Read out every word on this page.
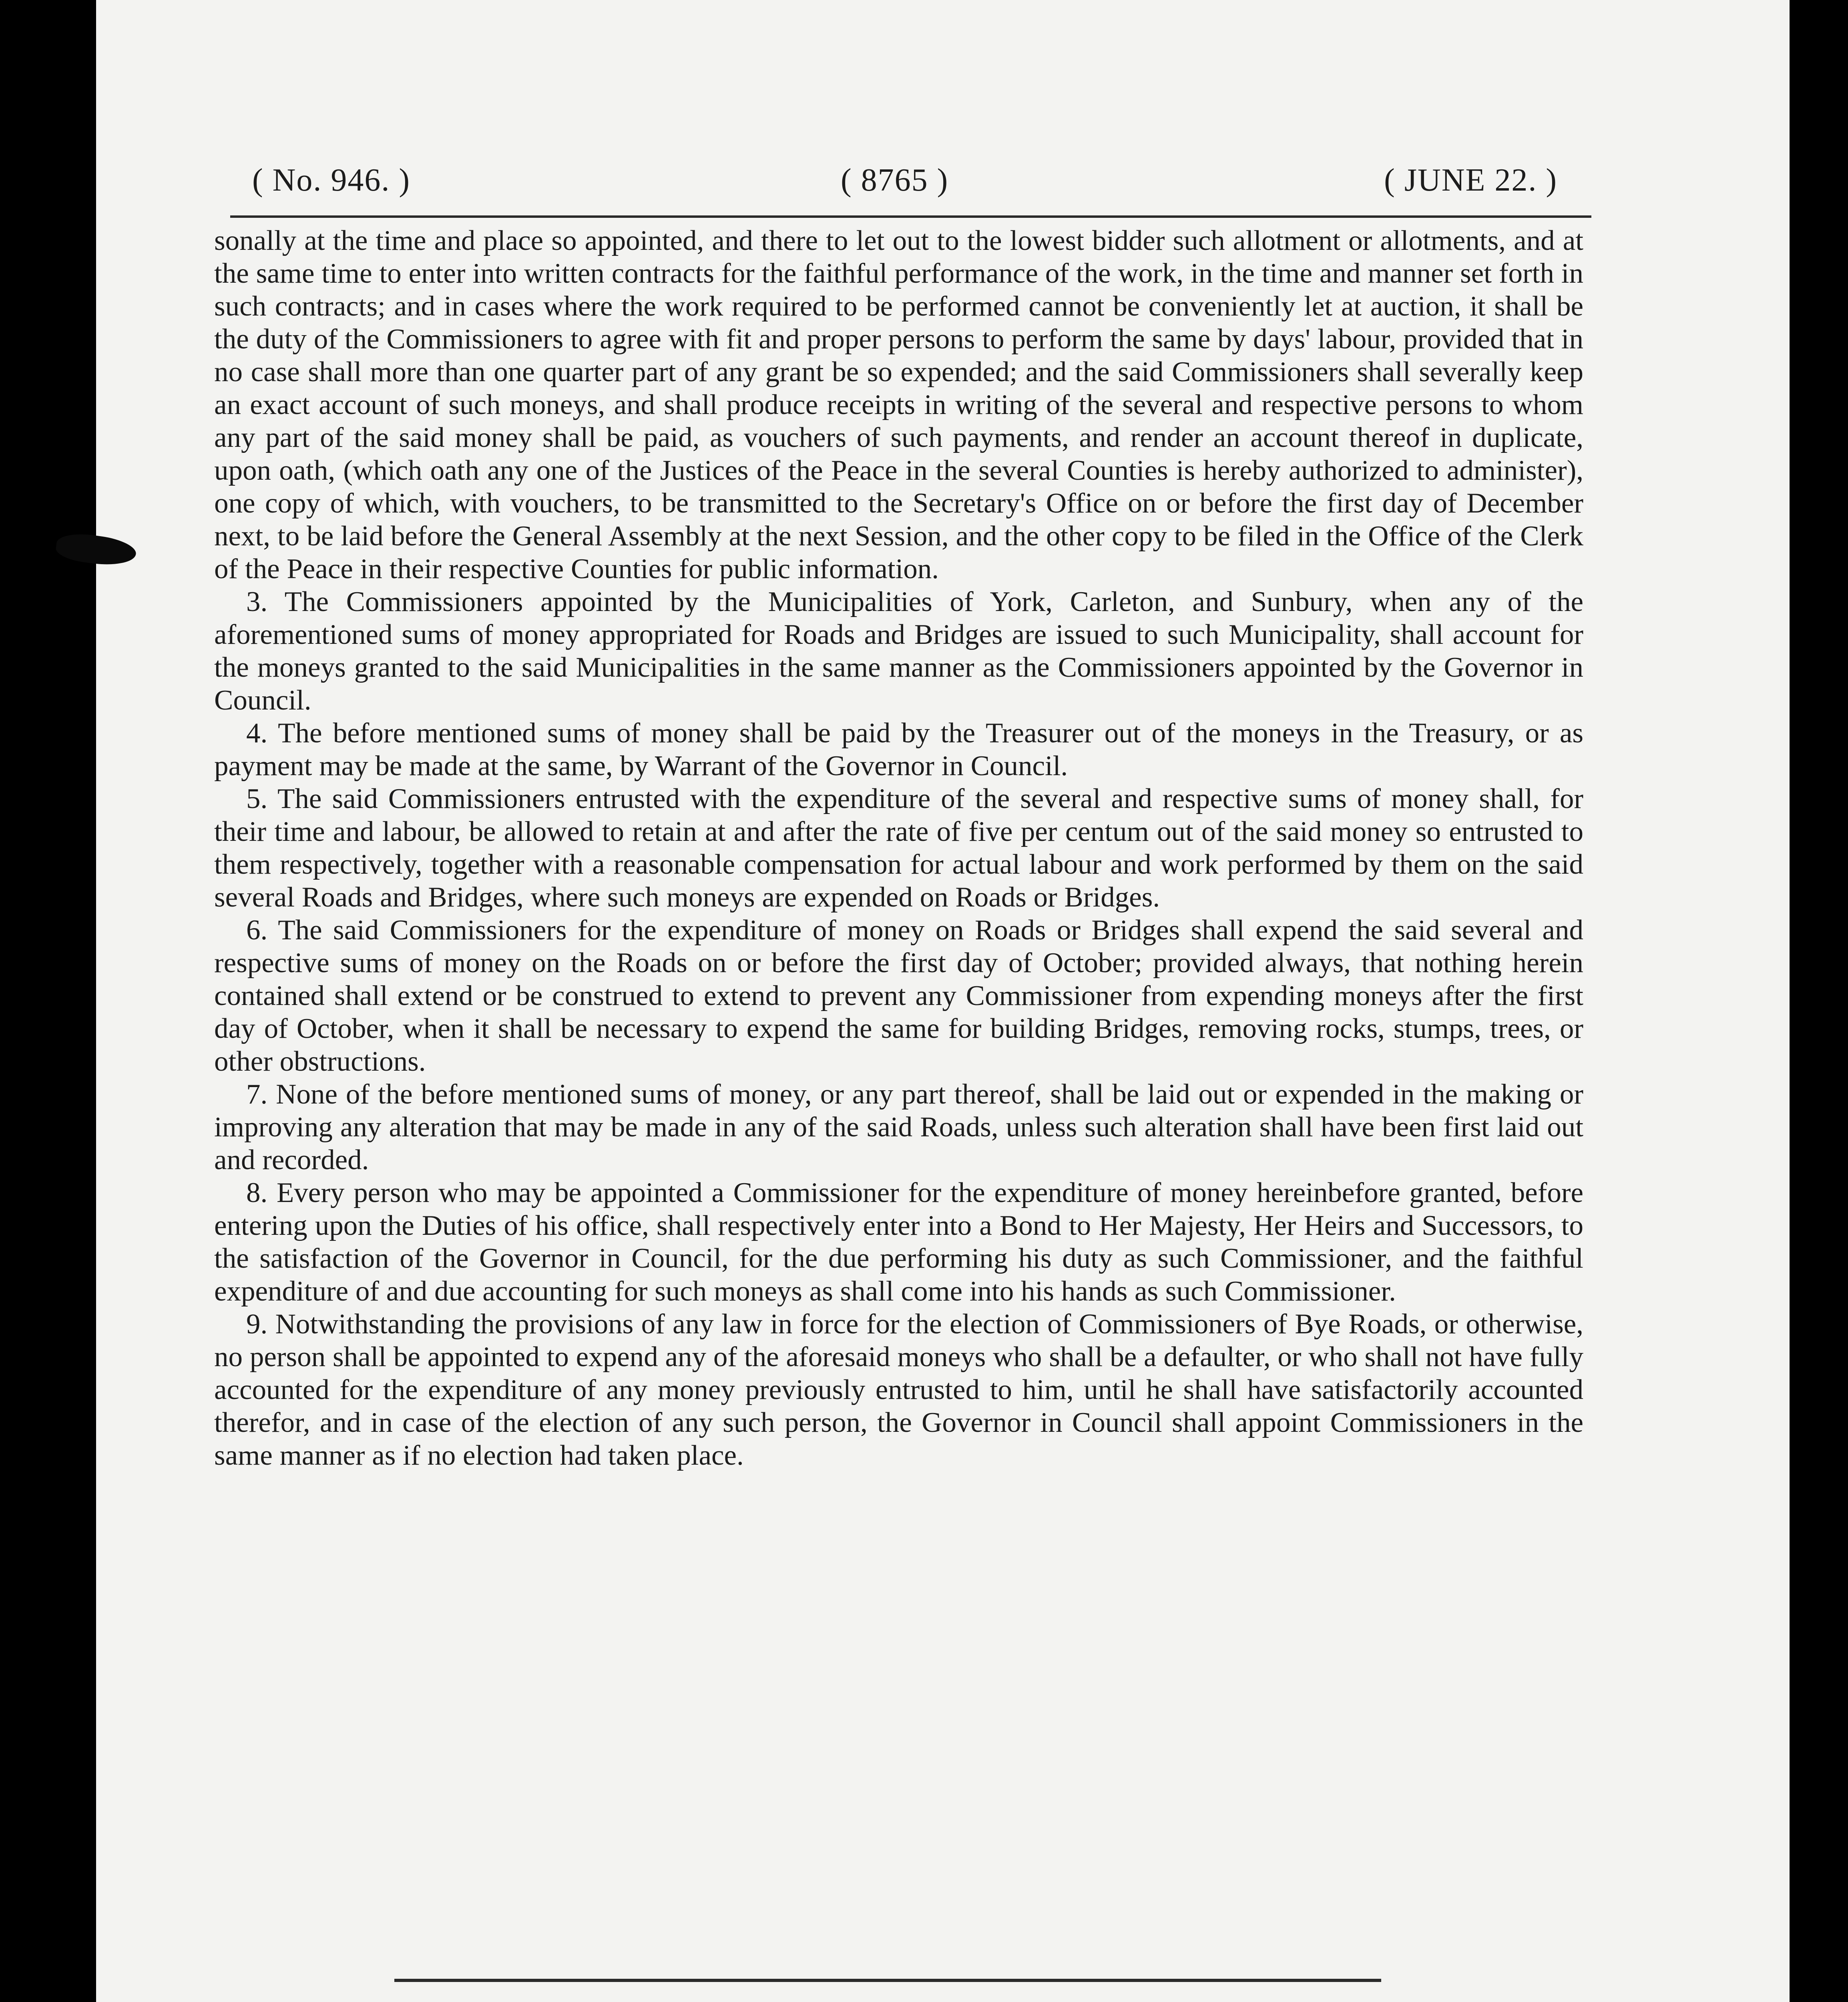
( No. 946. )	( 8765 )	( JUNE 22. )

sonally at the time and place so appointed, and there to let out to the lowest bidder such allotment or allotments, and at the same time to enter into written contracts for the faithful performance of the work, in the time and manner set forth in such contracts; and in cases where the work required to be performed cannot be conveniently let at auction, it shall be the duty of the Commissioners to agree with fit and proper persons to perform the same by days' labour, provided that in no case shall more than one quarter part of any grant be so expended; and the said Commissioners shall severally keep an exact account of such moneys, and shall produce receipts in writing of the several and respective persons to whom any part of the said money shall be paid, as vouchers of such payments, and render an account thereof in duplicate, upon oath, (which oath any one of the Justices of the Peace in the several Counties is hereby authorized to administer), one copy of which, with vouchers, to be transmitted to the Secretary's Office on or before the first day of December next, to be laid before the General Assembly at the next Session, and the other copy to be filed in the Office of the Clerk of the Peace in their respective Counties for public information.

3. The Commissioners appointed by the Municipalities of York, Carleton, and Sunbury, when any of the aforementioned sums of money appropriated for Roads and Bridges are issued to such Municipality, shall account for the moneys granted to the said Municipalities in the same manner as the Commissioners appointed by the Governor in Council.

4. The before mentioned sums of money shall be paid by the Treasurer out of the moneys in the Treasury, or as payment may be made at the same, by Warrant of the Governor in Council.

5. The said Commissioners entrusted with the expenditure of the several and respective sums of money shall, for their time and labour, be allowed to retain at and after the rate of five per centum out of the said money so entrusted to them respectively, together with a reasonable compensation for actual labour and work performed by them on the said several Roads and Bridges, where such moneys are expended on Roads or Bridges.

6. The said Commissioners for the expenditure of money on Roads or Bridges shall expend the said several and respective sums of money on the Roads on or before the first day of October; provided always, that nothing herein contained shall extend or be construed to extend to prevent any Commissioner from expending moneys after the first day of October, when it shall be necessary to expend the same for building Bridges, removing rocks, stumps, trees, or other obstructions.

7. None of the before mentioned sums of money, or any part thereof, shall be laid out or expended in the making or improving any alteration that may be made in any of the said Roads, unless such alteration shall have been first laid out and recorded.

8. Every person who may be appointed a Commissioner for the expenditure of money hereinbefore granted, before entering upon the Duties of his office, shall respectively enter into a Bond to Her Majesty, Her Heirs and Successors, to the satisfaction of the Governor in Council, for the due performing his duty as such Commissioner, and the faithful expenditure of and due accounting for such moneys as shall come into his hands as such Commissioner.

9. Notwithstanding the provisions of any law in force for the election of Commissioners of Bye Roads, or otherwise, no person shall be appointed to expend any of the aforesaid moneys who shall be a defaulter, or who shall not have fully accounted for the expenditure of any money previously entrusted to him, until he shall have satisfactorily accounted therefor, and in case of the election of any such person, the Governor in Council shall appoint Commissioners in the same manner as if no election had taken place.
